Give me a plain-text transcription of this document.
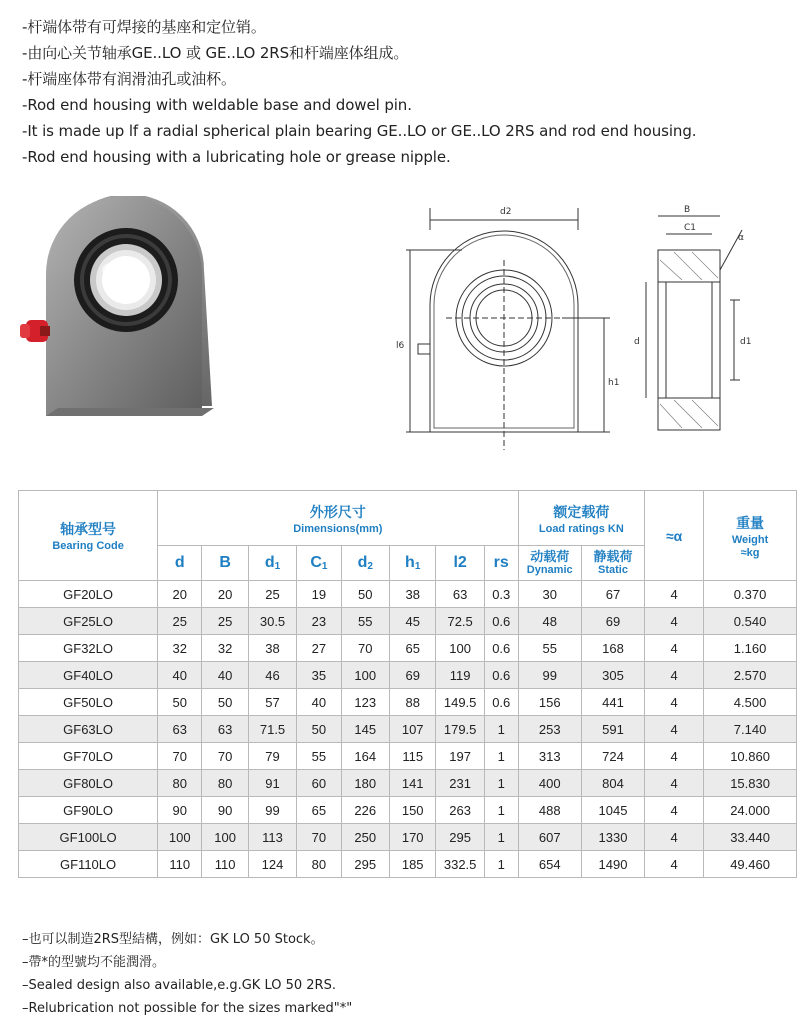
-杆端体带有可焊接的基座和定位销。
-由向心关节轴承GE..LO 或 GE..LO 2RS和杆端座体组成。
-杆端座体带有润滑油孔或油杯。
-Rod end housing with weldable base and dowel pin.
-It is made up lf a radial spherical plain bearing GE..LO or GE..LO 2RS and rod end housing.
-Rod end housing with a lubricating hole or grease nipple.
d2
l6
h1
B
C1
α
d	d1
轴承型号
Bearing Code	外形尺寸
Dimensions(mm)								额定载荷
Load ratings KN		≈α	重量
Weight
≈kg

	d	B	$d_1$	$C_1$	$d_2$	$h_1$	l2	rs	动载荷
Dynamic	静载荷
Static		

GF20LO	20	20	25	19	50	38	63	0.3	30	67	4	0.370
GF25LO	25	25	30.5	23	55	45	72.5	0.6	48	69	4	0.540
GF32LO	32	32	38	27	70	65	100	0.6	55	168	4	1.160
GF40LO	40	40	46	35	100	69	119	0.6	99	305	4	2.570
GF50LO	50	50	57	40	123	88	149.5	0.6	156	441	4	4.500
GF63LO	63	63	71.5	50	145	107	179.5	1	253	591	4	7.140
GF70LO	70	70	79	55	164	115	197	1	313	724	4	10.860
GF80LO	80	80	91	60	180	141	231	1	400	804	4	15.830
GF90LO	90	90	99	65	226	150	263	1	488	1045	4	24.000
GF100LO	100	100	113	70	250	170	295	1	607	1330	4	33.440
GF110LO	110	110	124	80	295	185	332.5	1	654	1490	4	49.460
–也可以制造2RS型結構，例如：GK LO 50 Stock。
–帶*的型號均不能潤滑。
–Sealed design also available,e.g.GK LO 50 2RS.
–Relubrication not possible for the sizes marked"*"
